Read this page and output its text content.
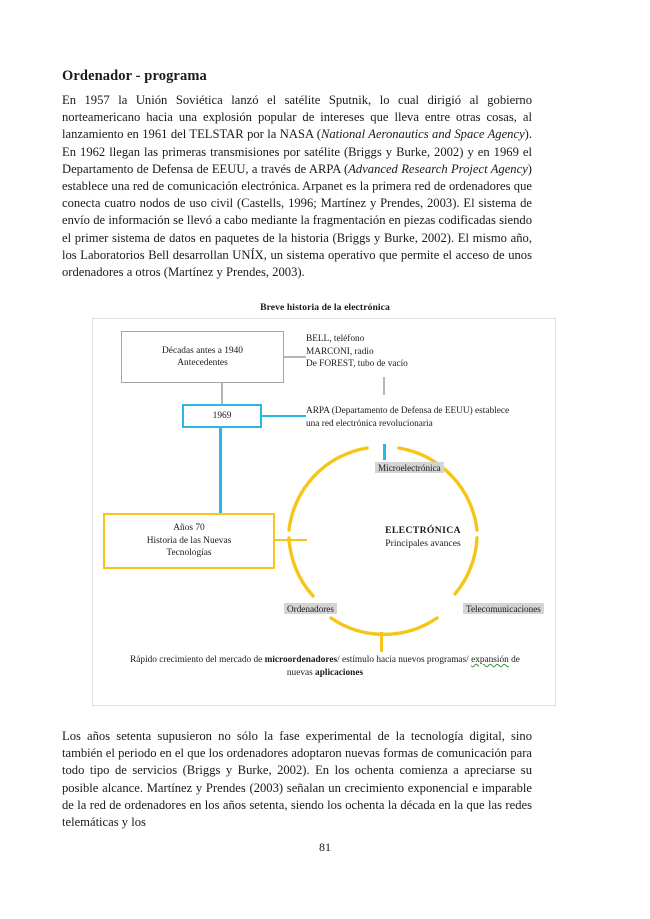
Ordenador - programa
En 1957 la Unión Soviética lanzó el satélite Sputnik, lo cual dirigió al gobierno norteamericano hacia una explosión popular de intereses que lleva entre otras cosas, al lanzamiento en 1961 del TELSTAR por la NASA (National Aeronautics and Space Agency). En 1962 llegan las primeras transmisiones por satélite (Briggs y Burke, 2002) y en 1969 el Departamento de Defensa de EEUU, a través de ARPA (Advanced Research Project Agency) establece una red de comunicación electrónica. Arpanet es la primera red de ordenadores que conecta cuatro nodos de uso civil (Castells, 1996; Martínez y Prendes, 2003). El sistema de envío de información se llevó a cabo mediante la fragmentación en piezas codificadas siendo el primer sistema de datos en paquetes de la historia (Briggs y Burke, 2002). El mismo año, los Laboratorios Bell desarrollan UNÍX, un sistema operativo que permite el acceso de unos ordenadores a otros (Martínez y Prendes, 2003).
Breve historia de la electrónica
Décadas antes a 1940
Antecedentes
1969
Años 70
Historia de las Nuevas
Tecnologías
BELL, teléfono
MARCONI, radio
De FOREST, tubo de vacío
ARPA (Departamento de Defensa de EEUU) establece
una red electrónica revolucionaria
Microelectrónica
Ordenadores	Telecomunicaciones
ELECTRÓNICA
Principales avances
Rápido crecimiento del mercado de microordenadores/ estímulo hacia nuevos programas/ expansión de nuevas aplicaciones
Los años setenta supusieron no sólo la fase experimental de la tecnología digital, sino también el periodo en el que los ordenadores adoptaron nuevas formas de comunicación para todo tipo de servicios (Briggs y Burke, 2002). En los ochenta comienza a apreciarse su posible alcance. Martínez y Prendes (2003) señalan un crecimiento exponencial e imparable de la red de ordenadores en los años setenta, siendo los ochenta la década en la que las redes telemáticas y los
81
